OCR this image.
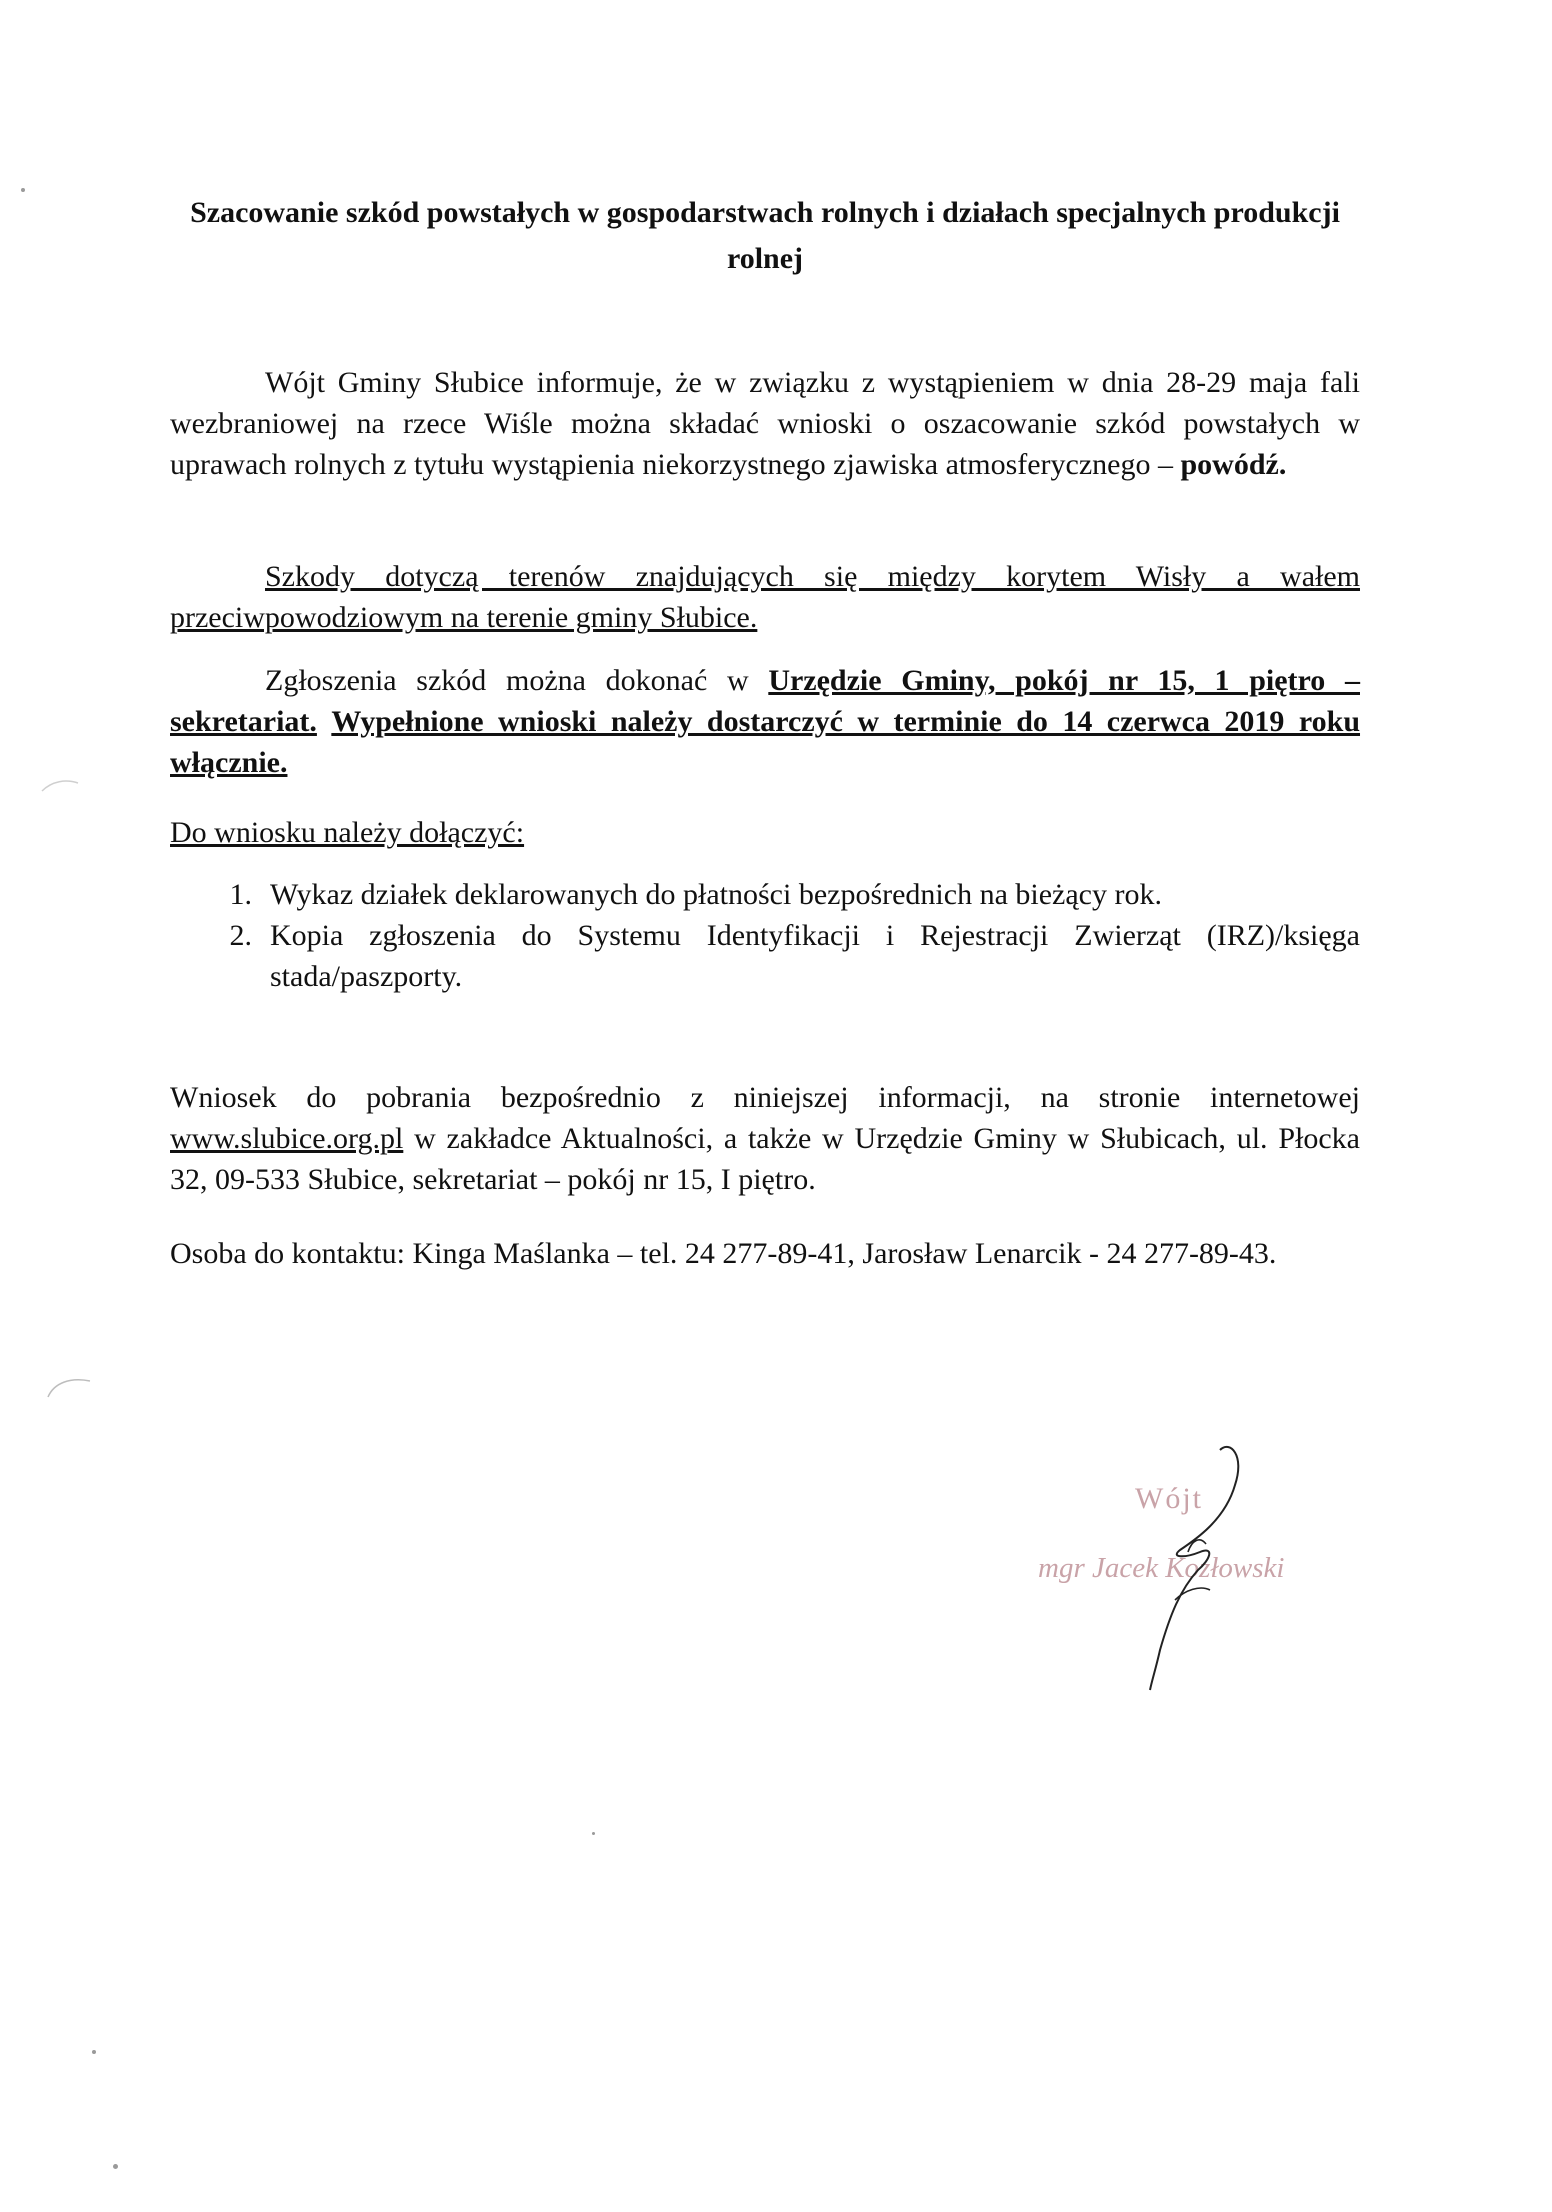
Szacowanie szkód powstałych w gospodarstwach rolnych i działach specjalnych produkcji rolnej

Wójt Gminy Słubice informuje, że w związku z wystąpieniem w dnia 28-29 maja fali wezbraniowej na rzece Wiśle można składać wnioski o oszacowanie szkód powstałych w uprawach rolnych z tytułu wystąpienia niekorzystnego zjawiska atmosferycznego – powódź.

Szkody dotyczą terenów znajdujących się między korytem Wisły a wałem przeciwpowodziowym na terenie gminy Słubice.

Zgłoszenia szkód można dokonać w Urzędzie Gminy, pokój nr 15, 1 piętro – sekretariat. Wypełnione wnioski należy dostarczyć w terminie do 14 czerwca 2019 roku włącznie.

Do wniosku należy dołączyć:

1. Wykaz działek deklarowanych do płatności bezpośrednich na bieżący rok.
2. Kopia zgłoszenia do Systemu Identyfikacji i Rejestracji Zwierząt (IRZ)/księga stada/paszporty.

Wniosek do pobrania bezpośrednio z niniejszej informacji, na stronie internetowej www.slubice.org.pl w zakładce Aktualności, a także w Urzędzie Gminy w Słubicach, ul. Płocka 32, 09-533 Słubice, sekretariat – pokój nr 15, I piętro.

Osoba do kontaktu: Kinga Maślanka – tel. 24 277-89-41, Jarosław Lenarcik - 24 277-89-43.

Wójt
mgr Jacek Kozłowski
